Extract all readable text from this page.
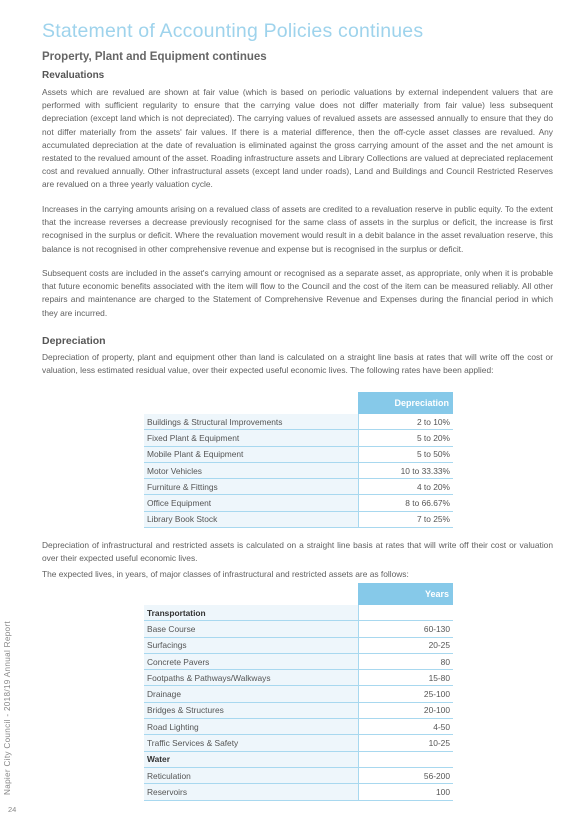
Statement of Accounting Policies continues
Property, Plant and Equipment continues
Revaluations

Assets which are revalued are shown at fair value (which is based on periodic valuations by external independent valuers that are performed with sufficient regularity to ensure that the carrying value does not differ materially from fair value) less subsequent depreciation (except land which is not depreciated). The carrying values of revalued assets are assessed annually to ensure that they do not differ materially from the assets' fair values. If there is a material difference, then the off-cycle asset classes are revalued. Any accumulated depreciation at the date of revaluation is eliminated against the gross carrying amount of the asset and the net amount is restated to the revalued amount of the asset. Roading infrastructure assets and Library Collections are valued at depreciated replacement cost and revalued annually. Other infrastructural assets (except land under roads), Land and Buildings and Council Restricted Reserves are revalued on a three yearly valuation cycle.

Increases in the carrying amounts arising on a revalued class of assets are credited to a revaluation reserve in public equity. To the extent that the increase reverses a decrease previously recognised for the same class of assets in the surplus or deficit, the increase is first recognised in the surplus or deficit. Where the revaluation movement would result in a debit balance in the asset revaluation reserve, this balance is not recognised in other comprehensive revenue and expense but is recognised in the surplus or deficit.

Subsequent costs are included in the asset's carrying amount or recognised as a separate asset, as appropriate, only when it is probable that future economic benefits associated with the item will flow to the Council and the cost of the item can be measured reliably. All other repairs and maintenance are charged to the Statement of Comprehensive Revenue and Expenses during the financial period in which they are incurred.

Depreciation

Depreciation of property, plant and equipment other than land is calculated on a straight line basis at rates that will write off the cost or valuation, less estimated residual value, over their expected useful economic lives. The following rates have been applied:

	Depreciation
Buildings & Structural Improvements	2 to 10%
Fixed Plant & Equipment	5 to 20%
Mobile Plant & Equipment	5 to 50%
Motor Vehicles	10 to 33.33%
Furniture & Fittings	4 to 20%
Office Equipment	8 to 66.67%
Library Book Stock	7 to 25%

Depreciation of infrastructural and restricted assets is calculated on a straight line basis at rates that will write off their cost or valuation over their expected useful economic lives.

The expected lives, in years, of major classes of infrastructural and restricted assets are as follows:

	Years
Transportation	
Base Course	60-130
Surfacings	20-25
Concrete Pavers	80
Footpaths & Pathways/Walkways	15-80
Drainage	25-100
Bridges & Structures	20-100
Road Lighting	4-50
Traffic Services & Safety	10-25
Water	
Reticulation	56-200
Reservoirs	100
Napier City Council - 2018/19 Annual Report
24
